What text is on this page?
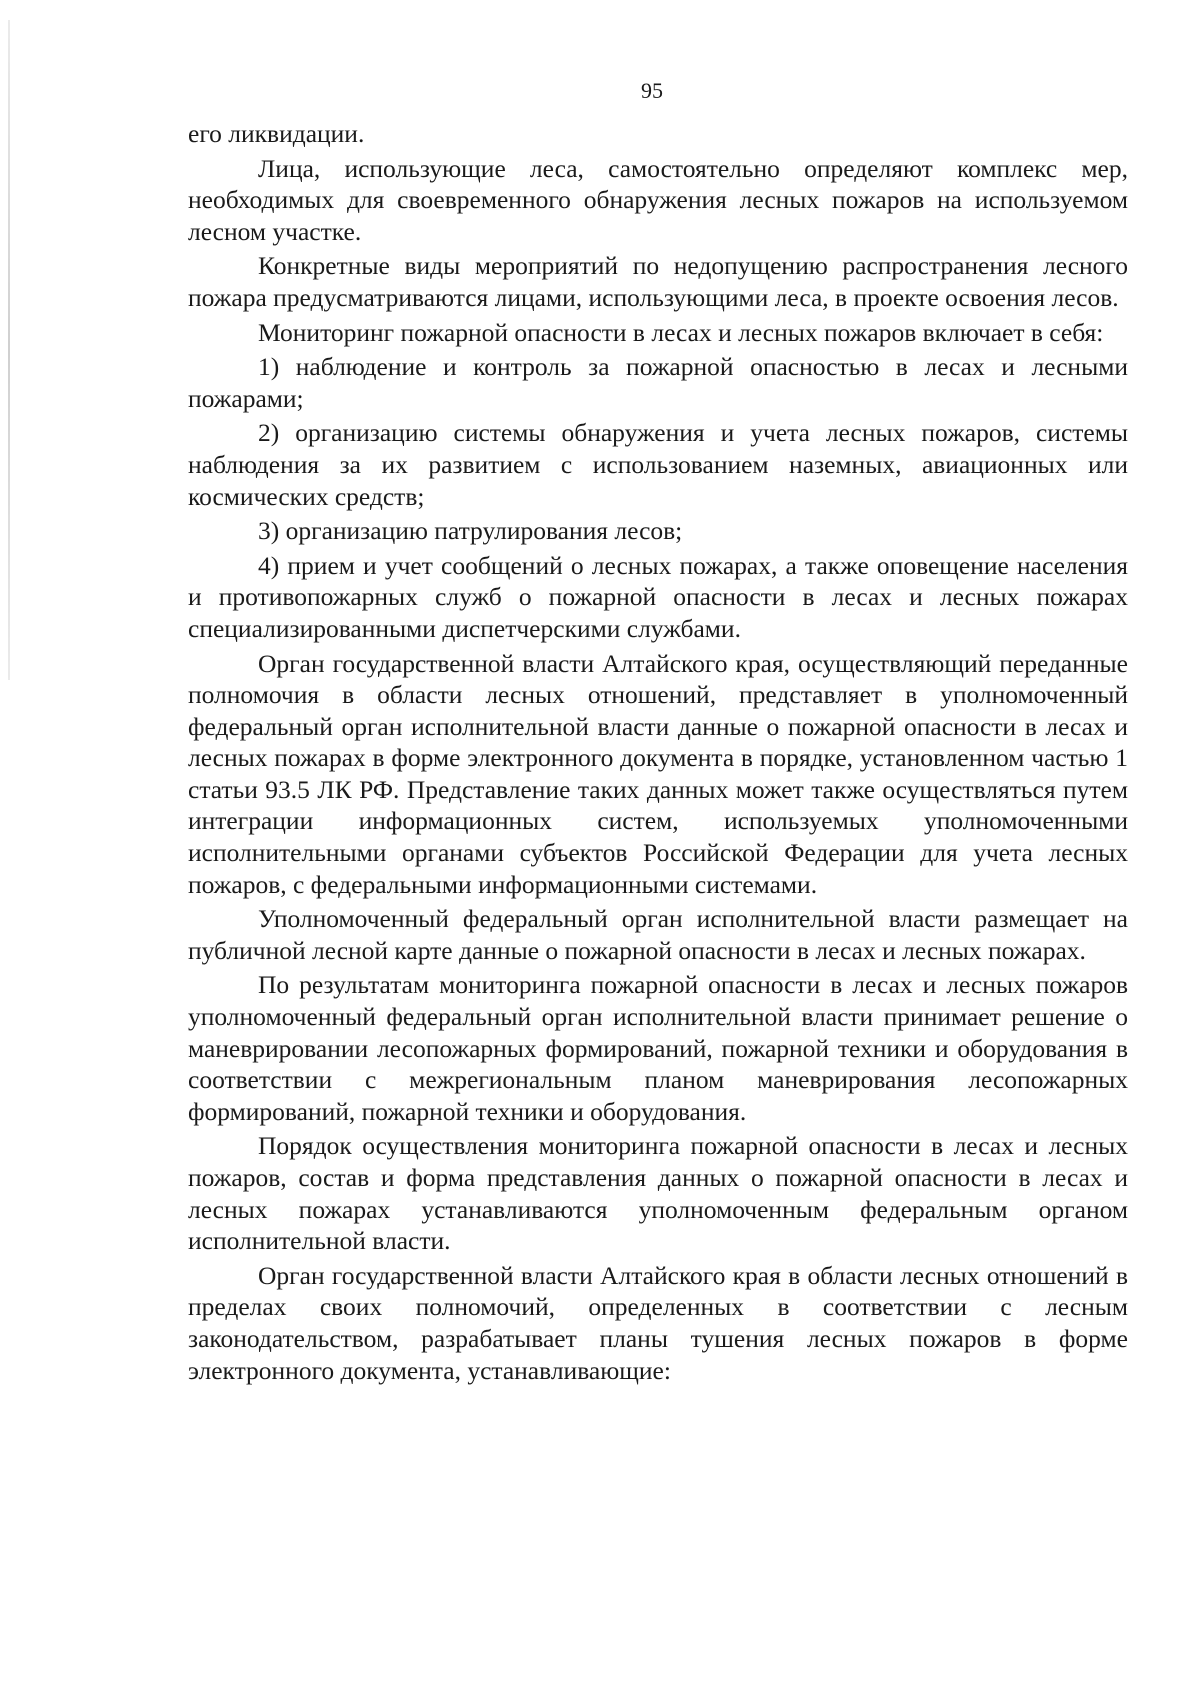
95

его ликвидации.

Лица, использующие леса, самостоятельно определяют комплекс мер, необходимых для своевременного обнаружения лесных пожаров на используемом лесном участке.

Конкретные виды мероприятий по недопущению распространения лесного пожара предусматриваются лицами, использующими леса, в проекте освоения лесов.

Мониторинг пожарной опасности в лесах и лесных пожаров включает в себя:

1) наблюдение и контроль за пожарной опасностью в лесах и лесными пожарами;

2) организацию системы обнаружения и учета лесных пожаров, системы наблюдения за их развитием с использованием наземных, авиационных или космических средств;

3) организацию патрулирования лесов;

4) прием и учет сообщений о лесных пожарах, а также оповещение населения и противопожарных служб о пожарной опасности в лесах и лесных пожарах специализированными диспетчерскими службами.

Орган государственной власти Алтайского края, осуществляющий переданные полномочия в области лесных отношений, представляет в уполномоченный федеральный орган исполнительной власти данные о пожарной опасности в лесах и лесных пожарах в форме электронного документа в порядке, установленном частью 1 статьи 93.5 ЛК РФ. Представление таких данных может также осуществляться путем интеграции информационных систем, используемых уполномоченными исполнительными органами субъектов Российской Федерации для учета лесных пожаров, с федеральными информационными системами.

Уполномоченный федеральный орган исполнительной власти размещает на публичной лесной карте данные о пожарной опасности в лесах и лесных пожарах.

По результатам мониторинга пожарной опасности в лесах и лесных пожаров уполномоченный федеральный орган исполнительной власти принимает решение о маневрировании лесопожарных формирований, пожарной техники и оборудования в соответствии с межрегиональным планом маневрирования лесопожарных формирований, пожарной техники и оборудования.

Порядок осуществления мониторинга пожарной опасности в лесах и лесных пожаров, состав и форма представления данных о пожарной опасности в лесах и лесных пожарах устанавливаются уполномоченным федеральным органом исполнительной власти.

Орган государственной власти Алтайского края в области лесных отношений в пределах своих полномочий, определенных в соответствии с лесным законодательством, разрабатывает планы тушения лесных пожаров в форме электронного документа, устанавливающие:
